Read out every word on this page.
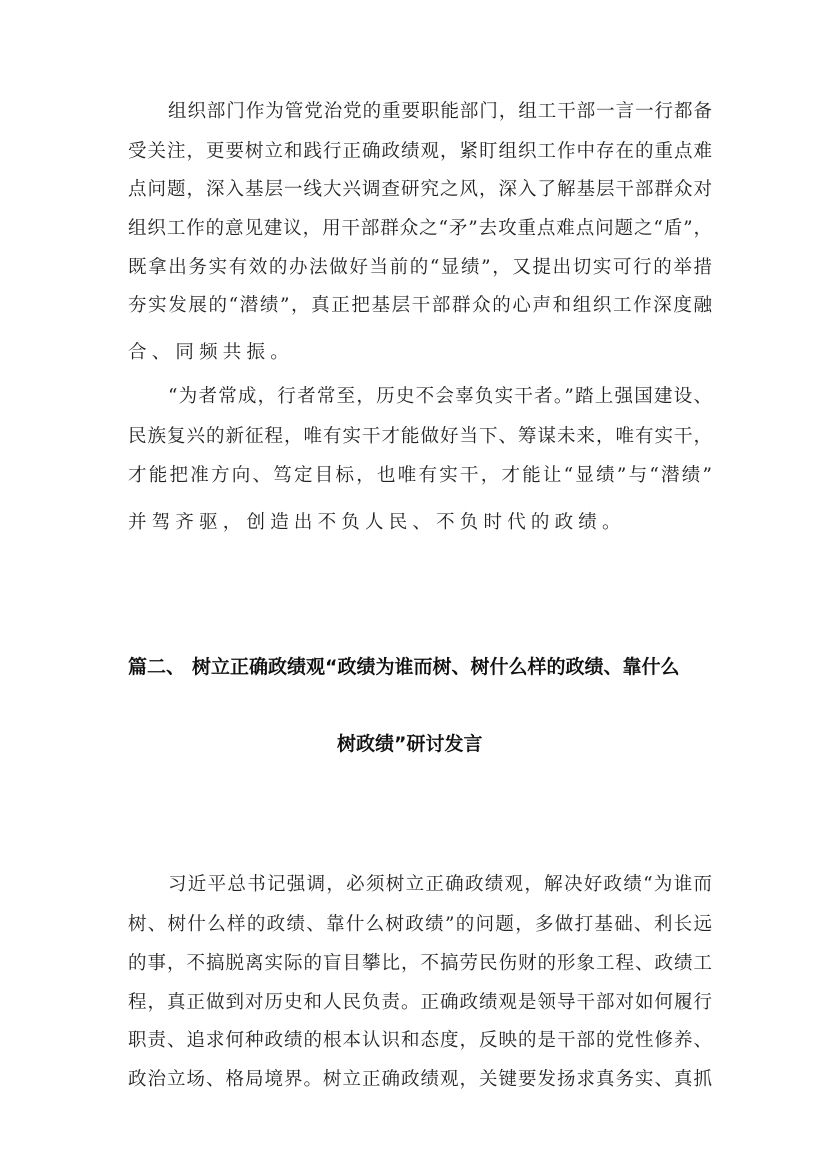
组织部门作为管党治党的重要职能部门，组工干部一言一行都备
受关注，更要树立和践行正确政绩观，紧盯组织工作中存在的重点难
点问题，深入基层一线大兴调查研究之风，深入了解基层干部群众对
组织工作的意见建议，用干部群众之“矛”去攻重点难点问题之“盾”，
既拿出务实有效的办法做好当前的“显绩”，又提出切实可行的举措
夯实发展的“潜绩”，真正把基层干部群众的心声和组织工作深度融
合、同频共振。
“为者常成，行者常至，历史不会辜负实干者。”踏上强国建设、
民族复兴的新征程，唯有实干才能做好当下、筹谋未来，唯有实干，
才能把准方向、笃定目标，也唯有实干，才能让“显绩”与“潜绩”
并驾齐驱，创造出不负人民、不负时代的政绩。
篇二、 树立正确政绩观“政绩为谁而树、树什么样的政绩、靠什么
树政绩”研讨发言
习近平总书记强调，必须树立正确政绩观，解决好政绩“为谁而
树、树什么样的政绩、靠什么树政绩”的问题，多做打基础、利长远
的事，不搞脱离实际的盲目攀比，不搞劳民伤财的形象工程、政绩工
程，真正做到对历史和人民负责。正确政绩观是领导干部对如何履行
职责、追求何种政绩的根本认识和态度，反映的是干部的党性修养、
政治立场、格局境界。树立正确政绩观，关键要发扬求真务实、真抓
